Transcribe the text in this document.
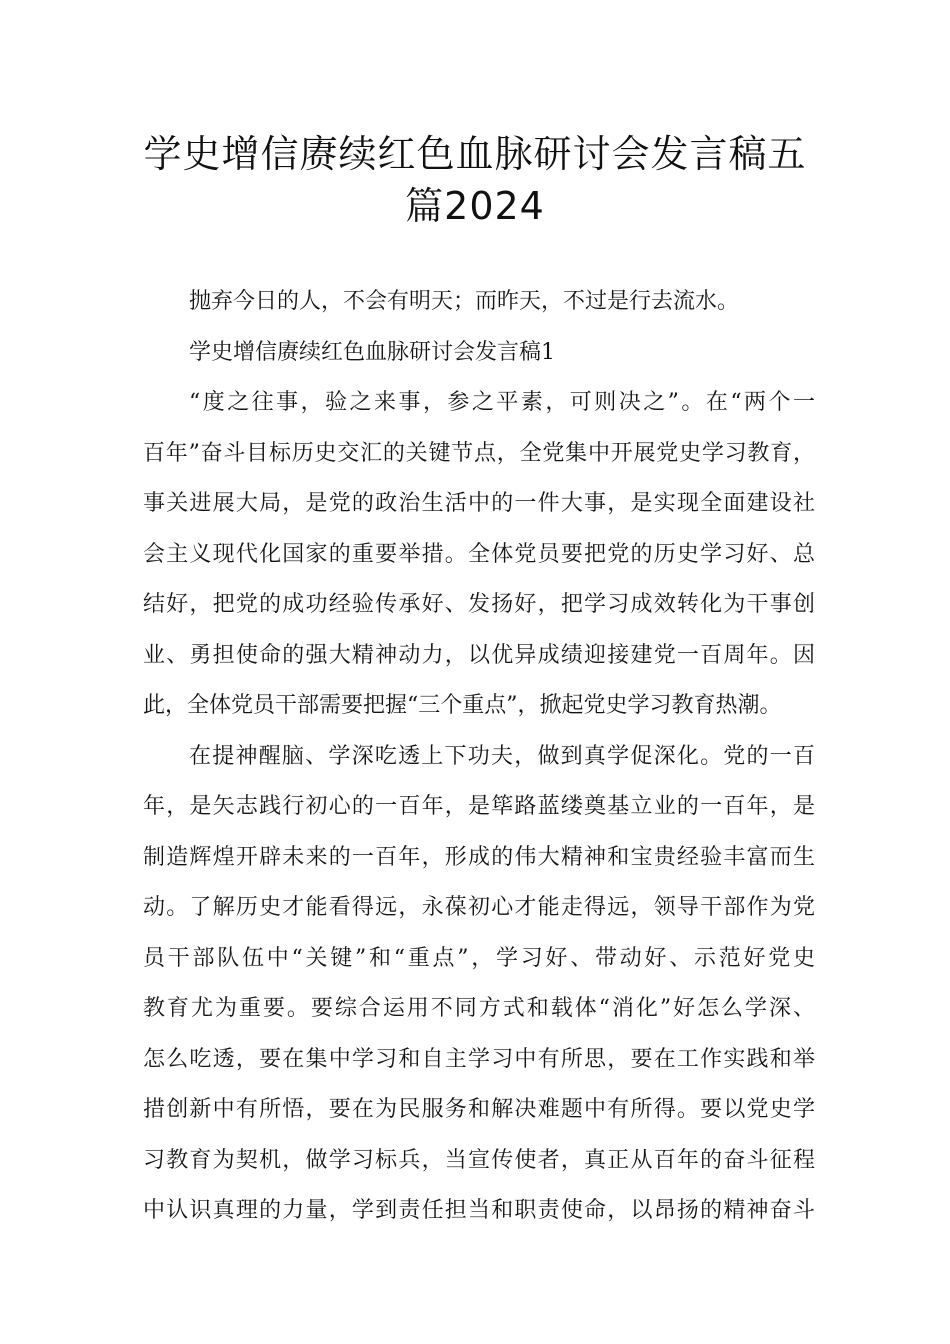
学史增信赓续红色血脉研讨会发言稿五
篇2024
抛弃今日的人，不会有明天；而昨天，不过是行去流水。
学史增信赓续红色血脉研讨会发言稿1
“度之往事，验之来事，参之平素，可则决之”。在“两个一
百年”奋斗目标历史交汇的关键节点，全党集中开展党史学习教育，
事关进展大局，是党的政治生活中的一件大事，是实现全面建设社
会主义现代化国家的重要举措。全体党员要把党的历史学习好、总
结好，把党的成功经验传承好、发扬好，把学习成效转化为干事创
业、勇担使命的强大精神动力，以优异成绩迎接建党一百周年。因
此，全体党员干部需要把握“三个重点”，掀起党史学习教育热潮。
在提神醒脑、学深吃透上下功夫，做到真学促深化。党的一百
年，是矢志践行初心的一百年，是筚路蓝缕奠基立业的一百年，是
制造辉煌开辟未来的一百年，形成的伟大精神和宝贵经验丰富而生
动。了解历史才能看得远，永葆初心才能走得远，领导干部作为党
员干部队伍中“关键”和“重点”，学习好、带动好、示范好党史
教育尤为重要。要综合运用不同方式和载体“消化”好怎么学深、
怎么吃透，要在集中学习和自主学习中有所思，要在工作实践和举
措创新中有所悟，要在为民服务和解决难题中有所得。要以党史学
习教育为契机，做学习标兵，当宣传使者，真正从百年的奋斗征程
中认识真理的力量，学到责任担当和职责使命，以昂扬的精神奋斗
